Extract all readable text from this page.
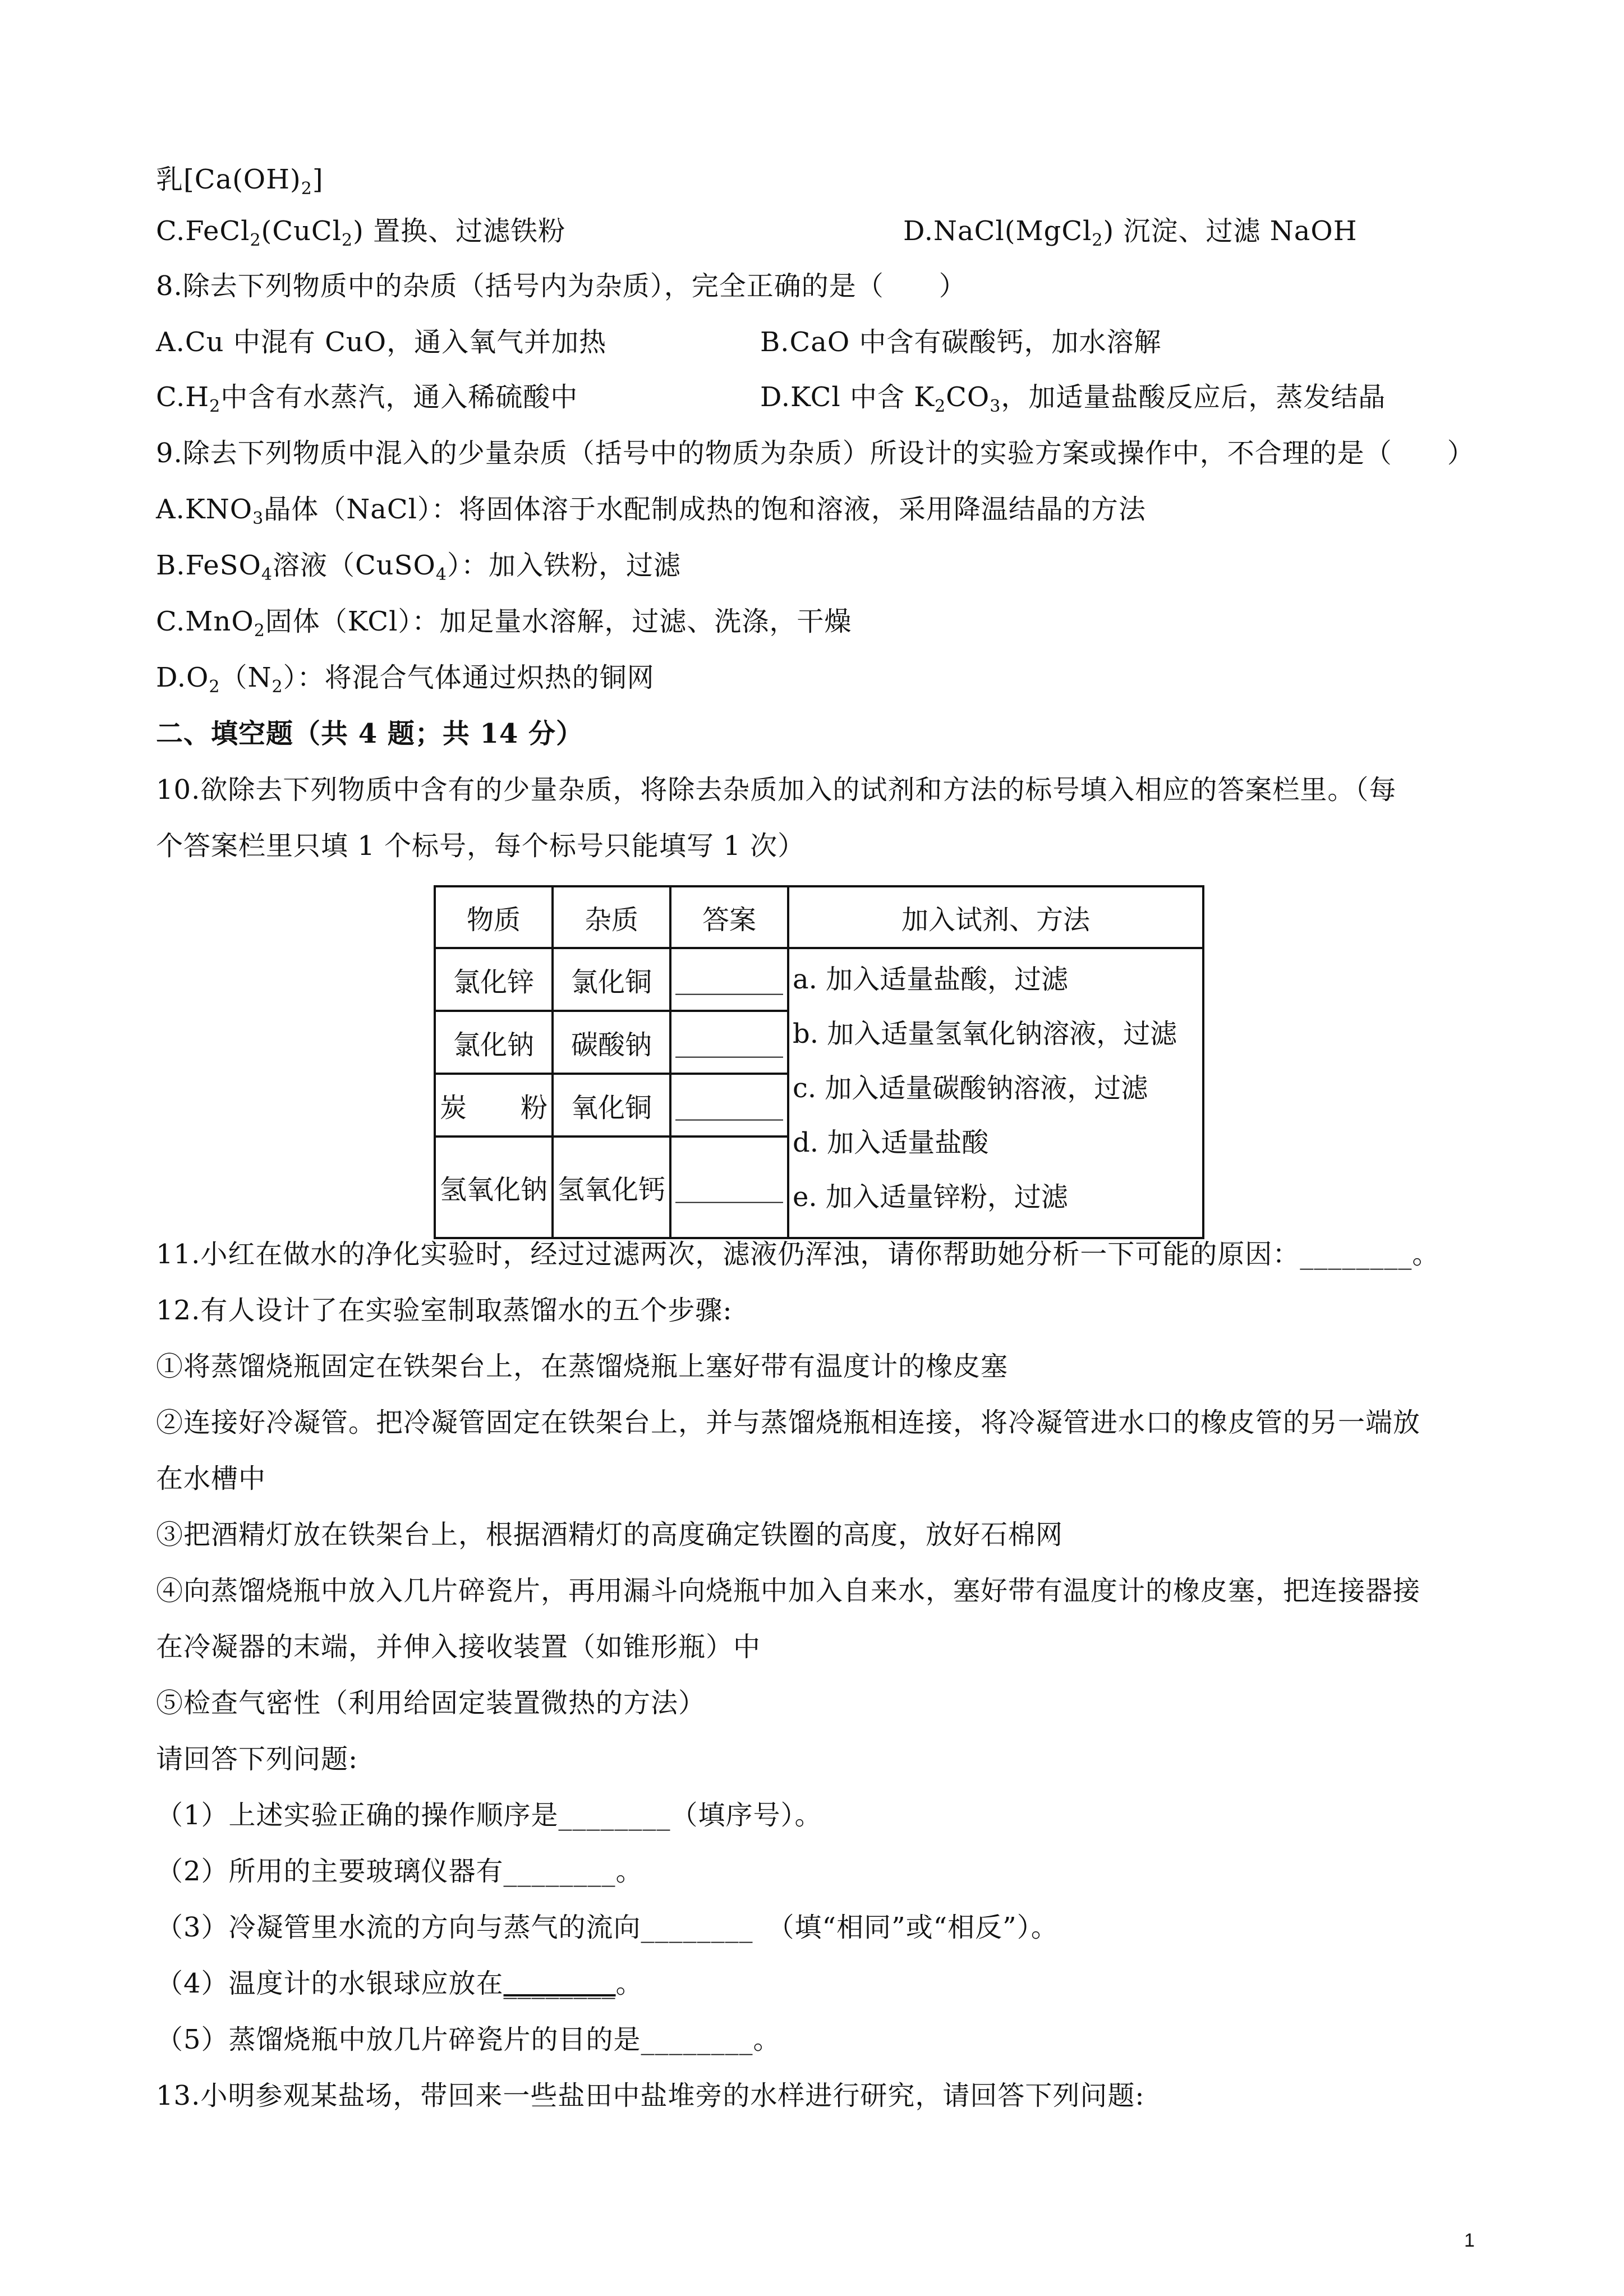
乳$[Ca(OH)_2]$
C.FeCl$_2$(CuCl$_2$) 置换、过滤铁粉	D.NaCl(MgCl$_2$) 沉淀、过滤 NaOH
8.除去下列物质中的杂质（括号内为杂质），完全正确的是（　　）
A.Cu 中混有 CuO，通入氧气并加热	B.CaO 中含有碳酸钙，加水溶解
$C.H_2$中含有水蒸汽，通入稀硫酸中	D.KCl 中含 $K_2CO_3$，加适量盐酸反应后，蒸发结晶
9.除去下列物质中混入的少量杂质（括号中的物质为杂质）所设计的实验方案或操作中，不合理的是（　　）
$A.KNO_3$晶体（NaCl）：将固体溶于水配制成热的饱和溶液，采用降温结晶的方法
B.FeSO$_4$溶液（CuSO$_4$）：加入铁粉，过滤
C.MnO$_2$固体（KCl）：加足量水溶解，过滤、洗涤，干燥
$D.O_2(N_2)$：将混合气体通过炽热的铜网
二、填空题（共 4 题；共 14 分）
10.欲除去下列物质中含有的少量杂质，将除去杂质加入的试剂和方法的标号填入相应的答案栏里。（每
个答案栏里只填 1 个标号，每个标号只能填写 1 次）
物质	杂质	答案	加入试剂、方法
氯化锌	氯化铜	________	a. 加入适量盐酸，过滤
b. 加入适量氢氧化钠溶液，过滤
c. 加入适量碳酸钠溶液，过滤
d. 加入适量盐酸
e. 加入适量锌粉，过滤

氯化钠	碳酸钠	________	
炭　　粉	氧化铜	________	
氢氧化钠	氢氧化钙	________	
11.小红在做水的净化实验时，经过过滤两次，滤液仍浑浊，请你帮助她分析一下可能的原因：________。
12.有人设计了在实验室制取蒸馏水的五个步骤:
①将蒸馏烧瓶固定在铁架台上，在蒸馏烧瓶上塞好带有温度计的橡皮塞
②连接好冷凝管。把冷凝管固定在铁架台上，并与蒸馏烧瓶相连接，将冷凝管进水口的橡皮管的另一端放
在水槽中
③把酒精灯放在铁架台上，根据酒精灯的高度确定铁圈的高度，放好石棉网
④向蒸馏烧瓶中放入几片碎瓷片，再用漏斗向烧瓶中加入自来水，塞好带有温度计的橡皮塞，把连接器接
在冷凝器的末端，并伸入接收装置（如锥形瓶）中
⑤检查气密性（利用给固定装置微热的方法）
请回答下列问题:
（1）上述实验正确的操作顺序是________（填序号）。
（2）所用的主要玻璃仪器有________。
（3）冷凝管里水流的方向与蒸气的流向________　（填“相同”或“相反”）。
（4）温度计的水银球应放在________。
（5）蒸馏烧瓶中放几片碎瓷片的目的是________。
13.小明参观某盐场，带回来一些盐田中盐堆旁的水样进行研究，请回答下列问题:
1
